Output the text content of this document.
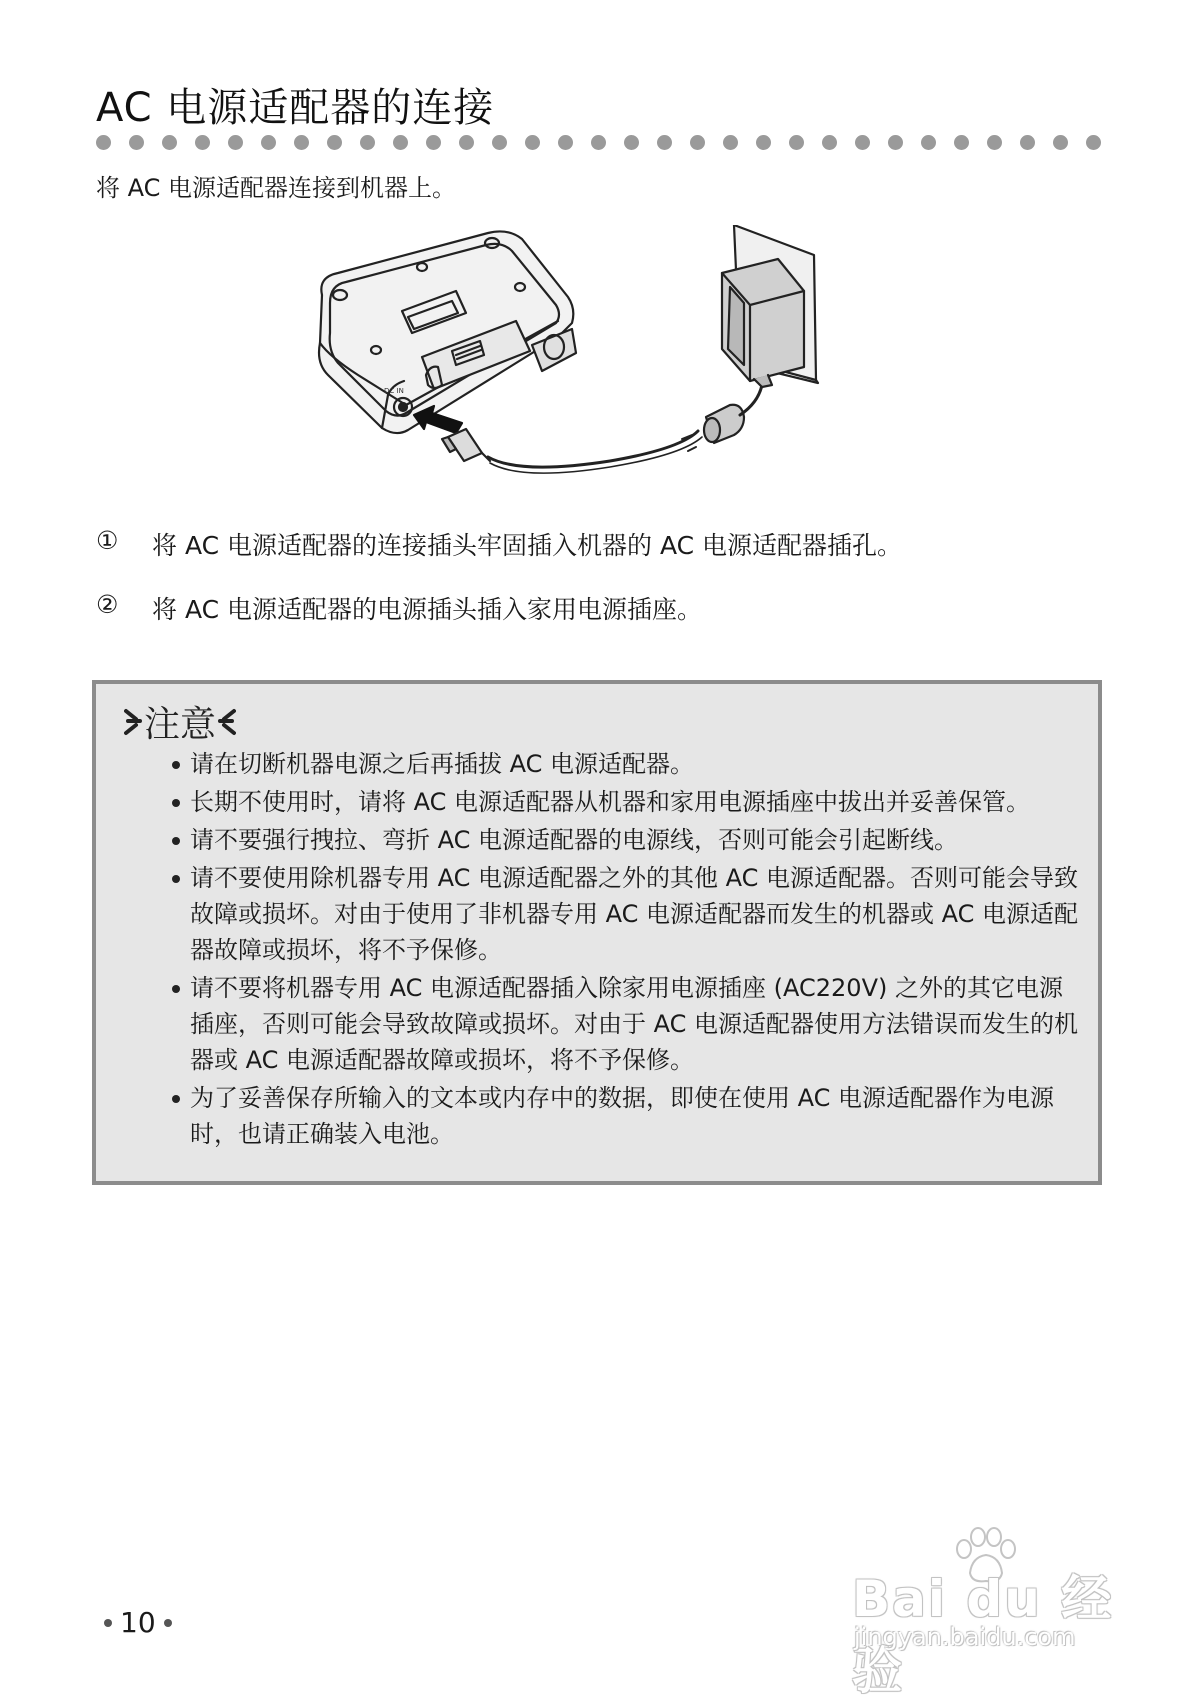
AC 电源适配器的连接

将 AC 电源适配器连接到机器上。

DC IN

①	将 AC 电源适配器的连接插头牢固插入机器的 AC 电源适配器插孔。

②	将 AC 电源适配器的电源插头插入家用电源插座。

注意
请在切断机器电源之后再插拔 AC 电源适配器。
长期不使用时，请将 AC 电源适配器从机器和家用电源插座中拔出并妥善保管。
请不要强行拽拉、弯折 AC 电源适配器的电源线，否则可能会引起断线。
请不要使用除机器专用 AC 电源适配器之外的其他 AC 电源适配器。否则可能会导致故障或损坏。对由于使用了非机器专用 AC 电源适配器而发生的机器或 AC 电源适配器故障或损坏，将不予保修。
请不要将机器专用 AC 电源适配器插入除家用电源插座 (AC220V) 之外的其它电源插座，否则可能会导致故障或损坏。对由于 AC 电源适配器使用方法错误而发生的机器或 AC 电源适配器故障或损坏，将不予保修。
为了妥善保存所输入的文本或内存中的数据，即使在使用 AC 电源适配器作为电源时，也请正确装入电池。
10	Bai du 经验
jingyan.baidu.com
